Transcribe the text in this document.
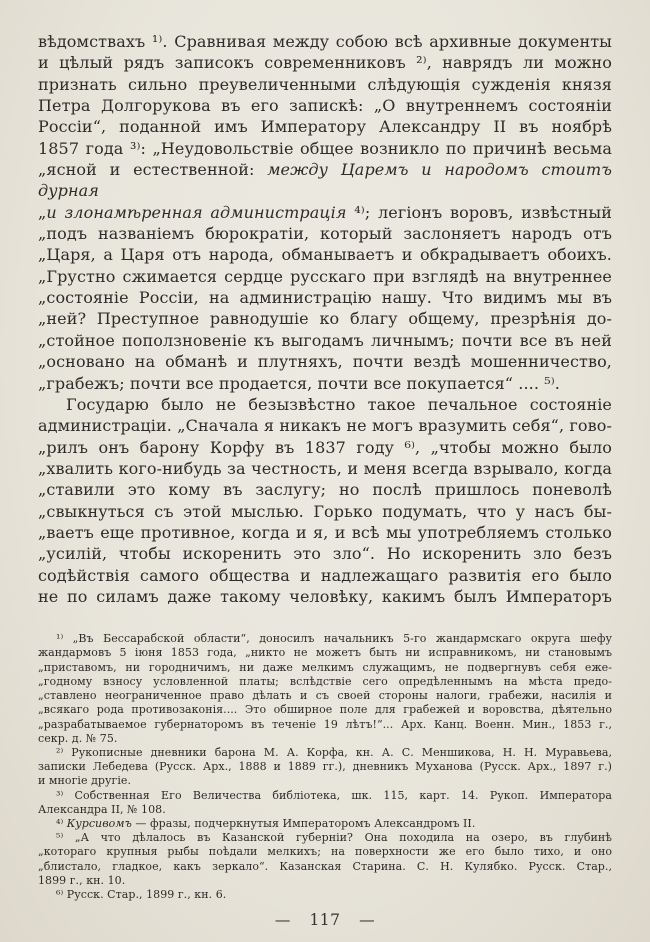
вѣдомствахъ ¹⁾. Сравнивая между собою всѣ архивные документы
и цѣлый рядъ записокъ современниковъ ²⁾, наврядъ ли можно
признать сильно преувеличенными слѣдующія сужденія князя
Петра Долгорукова въ его запискѣ: „О внутреннемъ состояніи
Россіи“, поданной имъ Императору Александру II въ ноябрѣ
1857 года ³⁾: „Неудовольствіе общее возникло по причинѣ весьма
„ясной и естественной: между Царемъ и народомъ стоитъ дурная
„и злонамѣренная администрація ⁴⁾; легіонъ воровъ, извѣстный
„подъ названіемъ бюрократіи, который заслоняетъ народъ отъ
„Царя, а Царя отъ народа, обманываетъ и обкрадываетъ обоихъ.
„Грустно сжимается сердце русскаго при взглядѣ на внутреннее
„состояніе Россіи, на администрацію нашу. Что видимъ мы въ
„ней? Преступное равнодушіе ко благу общему, презрѣнія до-
„стойное поползновеніе къ выгодамъ личнымъ; почти все въ ней
„основано на обманѣ и плутняхъ, почти вездѣ мошенничество,
„грабежъ; почти все продается, почти все покупается“ .... ⁵⁾.
Государю было не безызвѣстно такое печальное состояніе
администраціи. „Сначала я никакъ не могъ вразумить себя“, гово-
„рилъ онъ барону Корфу въ 1837 году ⁶⁾, „чтобы можно было
„хвалить кого-нибудь за честность, и меня всегда взрывало, когда
„ставили это кому въ заслугу; но послѣ пришлось поневолѣ
„свыкнуться съ этой мыслью. Горько подумать, что у насъ бы-
„ваетъ еще противное, когда и я, и всѣ мы употребляемъ столько
„усилій, чтобы искоренить это зло“. Но искоренить зло безъ
содѣйствія самого общества и надлежащаго развитія его было
не по силамъ даже такому человѣку, какимъ былъ Императоръ
¹⁾ „Въ Бессарабской области“, доносилъ начальникъ 5-го жандармскаго округа шефу
жандармовъ 5 іюня 1853 года, „никто не можетъ быть ни исправникомъ, ни становымъ
„приставомъ, ни городничимъ, ни даже мелкимъ служащимъ, не подвергнувъ себя еже-
„годному взносу условленной платы; вслѣдствіе сего опредѣленнымъ на мѣста предо-
„ставлено неограниченное право дѣлать и съ своей стороны налоги, грабежи, насилія и
„всякаго рода противозаконія.... Это обширное поле для грабежей и воровства, дѣятельно
„разрабатываемое губернаторомъ въ теченіе 19 лѣтъ!“... Арх. Канц. Военн. Мин., 1853 г.,
секр. д. № 75.
²⁾ Рукописные дневники барона М. А. Корфа, кн. А. С. Меншикова, Н. Н. Муравьева,
записки Лебедева (Русск. Арх., 1888 и 1889 гг.), дневникъ Муханова (Русск. Арх., 1897 г.)
и многіе другіе.
³⁾ Собственная Его Величества библіотека, шк. 115, карт. 14. Рукоп. Императора
Александра II, № 108.
⁴⁾ Курсивомъ — фразы, подчеркнутыя Императоромъ Александромъ II.
⁵⁾ „А что дѣлалось въ Казанской губерніи? Она походила на озеро, въ глубинѣ
„котораго крупныя рыбы поѣдали мелкихъ; на поверхности же его было тихо, и оно
„блистало, гладкое, какъ зеркало“. Казанская Старина. С. Н. Кулябко. Русск. Стар.,
1899 г., кн. 10.
⁶⁾ Русск. Стар., 1899 г., кн. 6.
— 117 —
